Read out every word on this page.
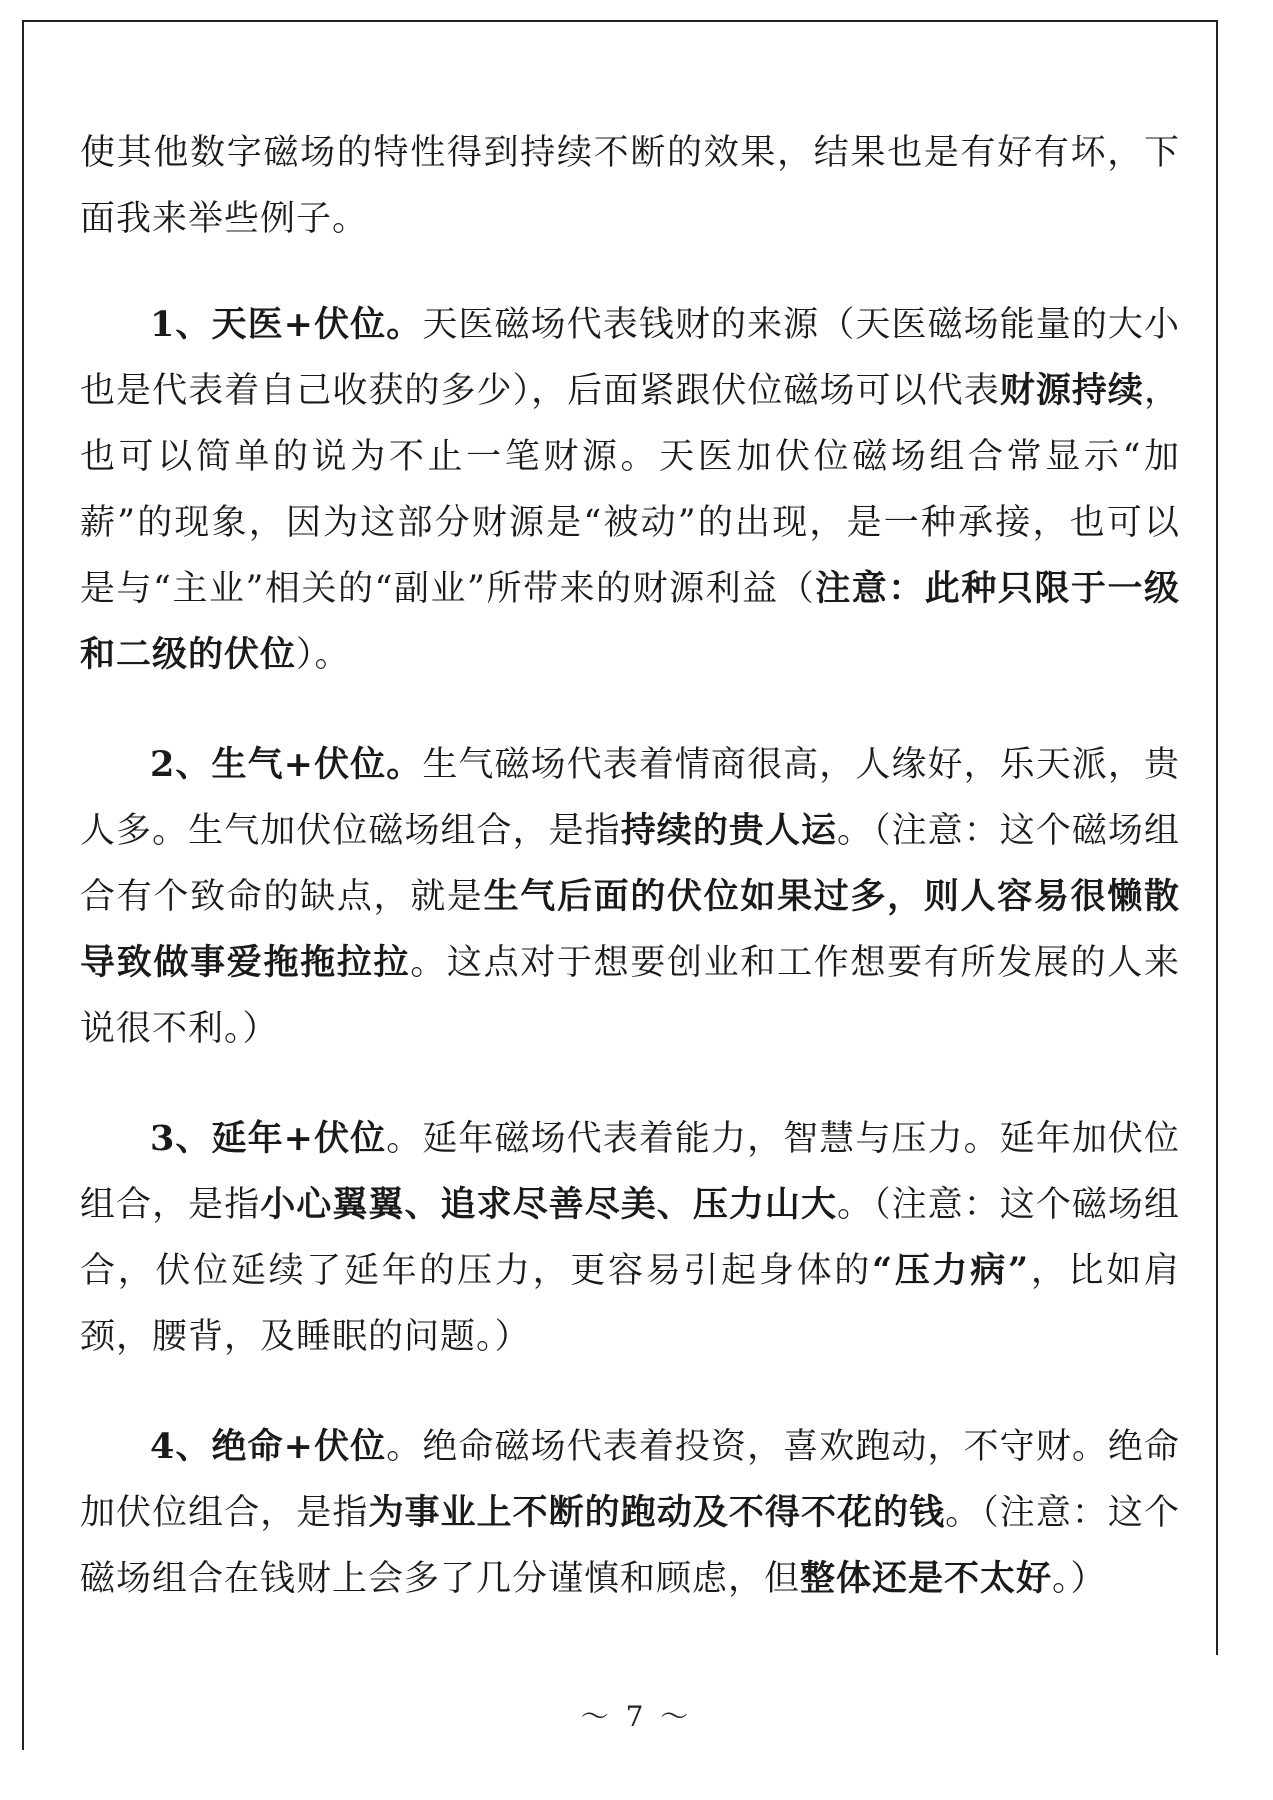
使其他数字磁场的特性得到持续不断的效果，结果也是有好有坏，下面我来举些例子。

1、天医+伏位。天医磁场代表钱财的来源（天医磁场能量的大小也是代表着自己收获的多少），后面紧跟伏位磁场可以代表财源持续，也可以简单的说为不止一笔财源。天医加伏位磁场组合常显示“加薪”的现象，因为这部分财源是“被动”的出现，是一种承接，也可以是与“主业”相关的“副业”所带来的财源利益（注意：此种只限于一级和二级的伏位）。

2、生气+伏位。生气磁场代表着情商很高，人缘好，乐天派，贵人多。生气加伏位磁场组合，是指持续的贵人运。（注意：这个磁场组合有个致命的缺点，就是生气后面的伏位如果过多，则人容易很懒散导致做事爱拖拖拉拉。这点对于想要创业和工作想要有所发展的人来说很不利。）

3、延年+伏位。延年磁场代表着能力，智慧与压力。延年加伏位组合，是指小心翼翼、追求尽善尽美、压力山大。（注意：这个磁场组合，伏位延续了延年的压力，更容易引起身体的“压力病”，比如肩颈，腰背，及睡眠的问题。）

4、绝命+伏位。绝命磁场代表着投资，喜欢跑动，不守财。绝命加伏位组合，是指为事业上不断的跑动及不得不花的钱。（注意：这个磁场组合在钱财上会多了几分谨慎和顾虑，但整体还是不太好。）

～ 7 ～
